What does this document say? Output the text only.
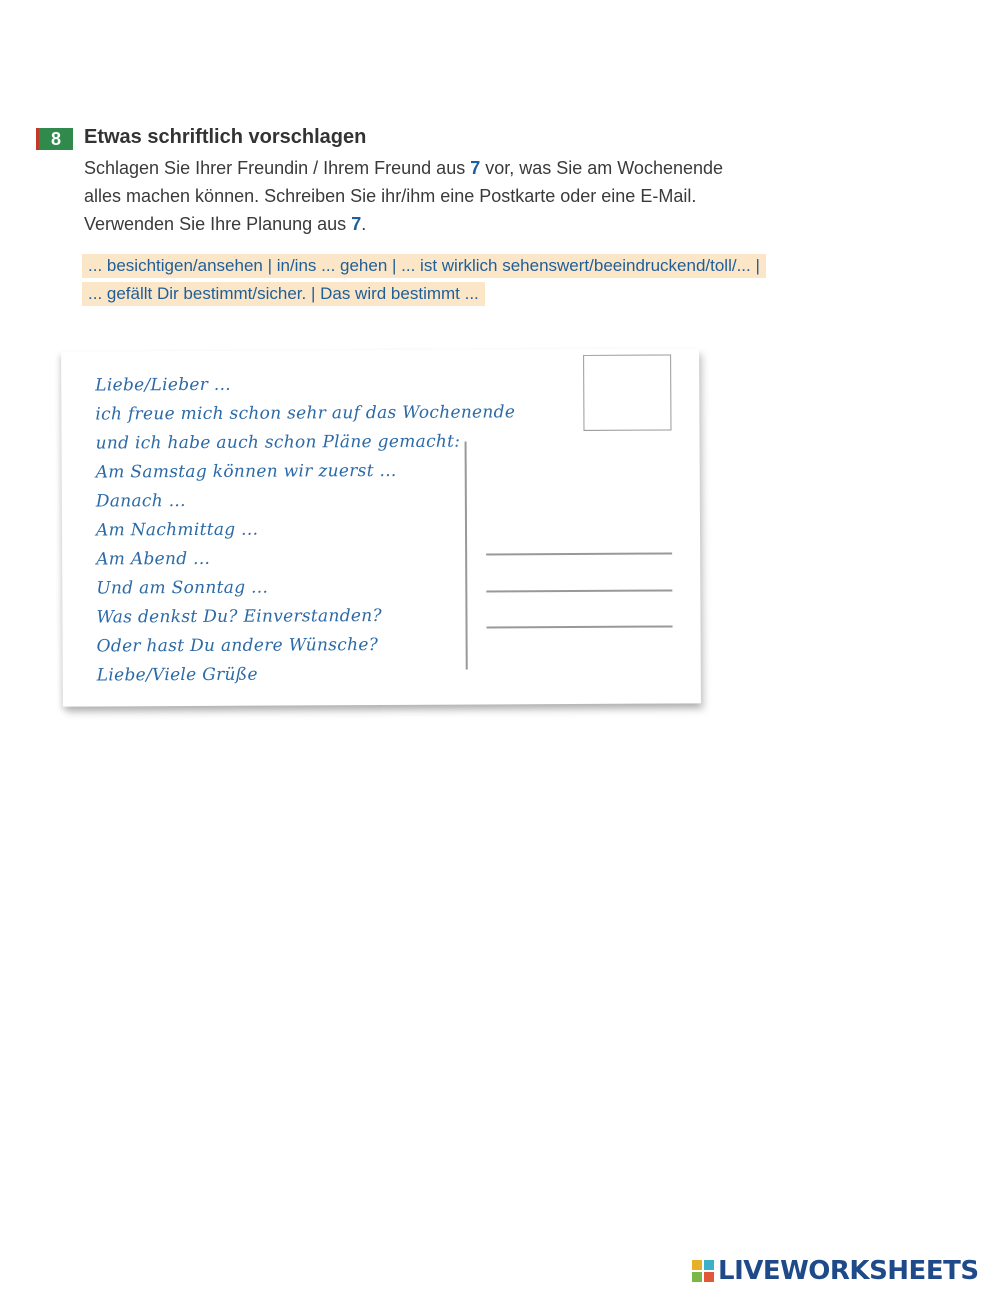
8	Etwas schriftlich vorschlagen
Schlagen Sie Ihrer Freundin / Ihrem Freund aus 7 vor, was Sie am Wochenende
alles machen können. Schreiben Sie ihr/ihm eine Postkarte oder eine E-Mail.
Verwenden Sie Ihre Planung aus 7.
... besichtigen/ansehen | in/ins ... gehen | ... ist wirklich sehenswert/beeindruckend/toll/... |
... gefällt Dir bestimmt/sicher. | Das wird bestimmt ...
Liebe/Lieber ...
ich freue mich schon sehr auf das Wochenende
und ich habe auch schon Pläne gemacht:
Am Samstag können wir zuerst ...
Danach ...
Am Nachmittag ...
Am Abend ...
Und am Sonntag ...
Was denkst Du? Einverstanden?
Oder hast Du andere Wünsche?
Liebe/Viele Grüße
LIVEWORKSHEETS
